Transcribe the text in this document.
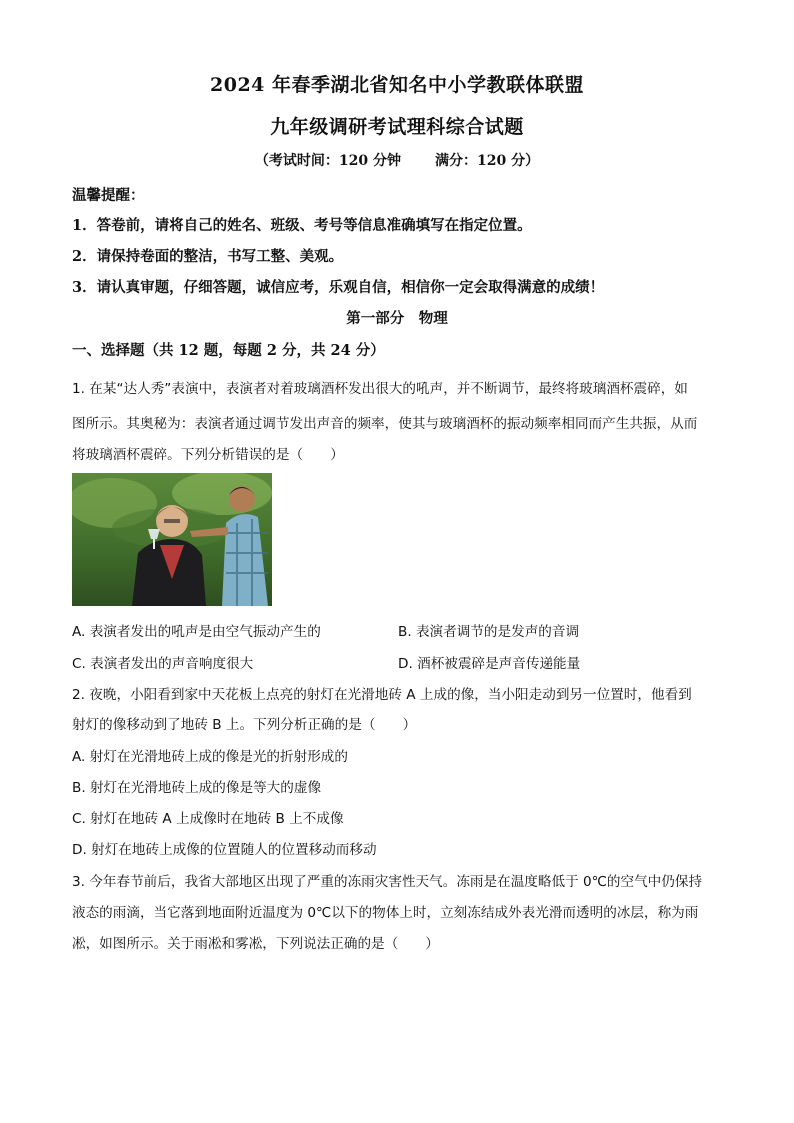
2024 年春季湖北省知名中小学教联体联盟
九年级调研考试理科综合试题
（考试时间：120 分钟 满分：120 分）
温馨提醒：
1．答卷前，请将自己的姓名、班级、考号等信息准确填写在指定位置。
2．请保持卷面的整洁，书写工整、美观。
3．请认真审题，仔细答题，诚信应考，乐观自信，相信你一定会取得满意的成绩！
第一部分　物理
一、选择题（共 12 题，每题 2 分，共 24 分）
1. 在某“达人秀”表演中，表演者对着玻璃酒杯发出很大的吼声，并不断调节，最终将玻璃酒杯震碎，如
图所示。其奥秘为：表演者通过调节发出声音的频率，使其与玻璃酒杯的振动频率相同而产生共振，从而
将玻璃酒杯震碎。下列分析错误的是（　　）
A. 表演者发出的吼声是由空气振动产生的	B. 表演者调节的是发声的音调
C. 表演者发出的声音响度很大	D. 酒杯被震碎是声音传递能量
2. 夜晚，小阳看到家中天花板上点亮的射灯在光滑地砖 A 上成的像，当小阳走动到另一位置时，他看到
射灯的像移动到了地砖 B 上。下列分析正确的是（　　）
A. 射灯在光滑地砖上成的像是光的折射形成的
B. 射灯在光滑地砖上成的像是等大的虚像
C. 射灯在地砖 A 上成像时在地砖 B 上不成像
D. 射灯在地砖上成像的位置随人的位置移动而移动
3. 今年春节前后，我省大部地区出现了严重的冻雨灾害性天气。冻雨是在温度略低于 0℃的空气中仍保持
液态的雨滴，当它落到地面附近温度为 0℃以下的物体上时，立刻冻结成外表光滑而透明的冰层，称为雨
凇，如图所示。关于雨凇和雾凇，下列说法正确的是（　　）
